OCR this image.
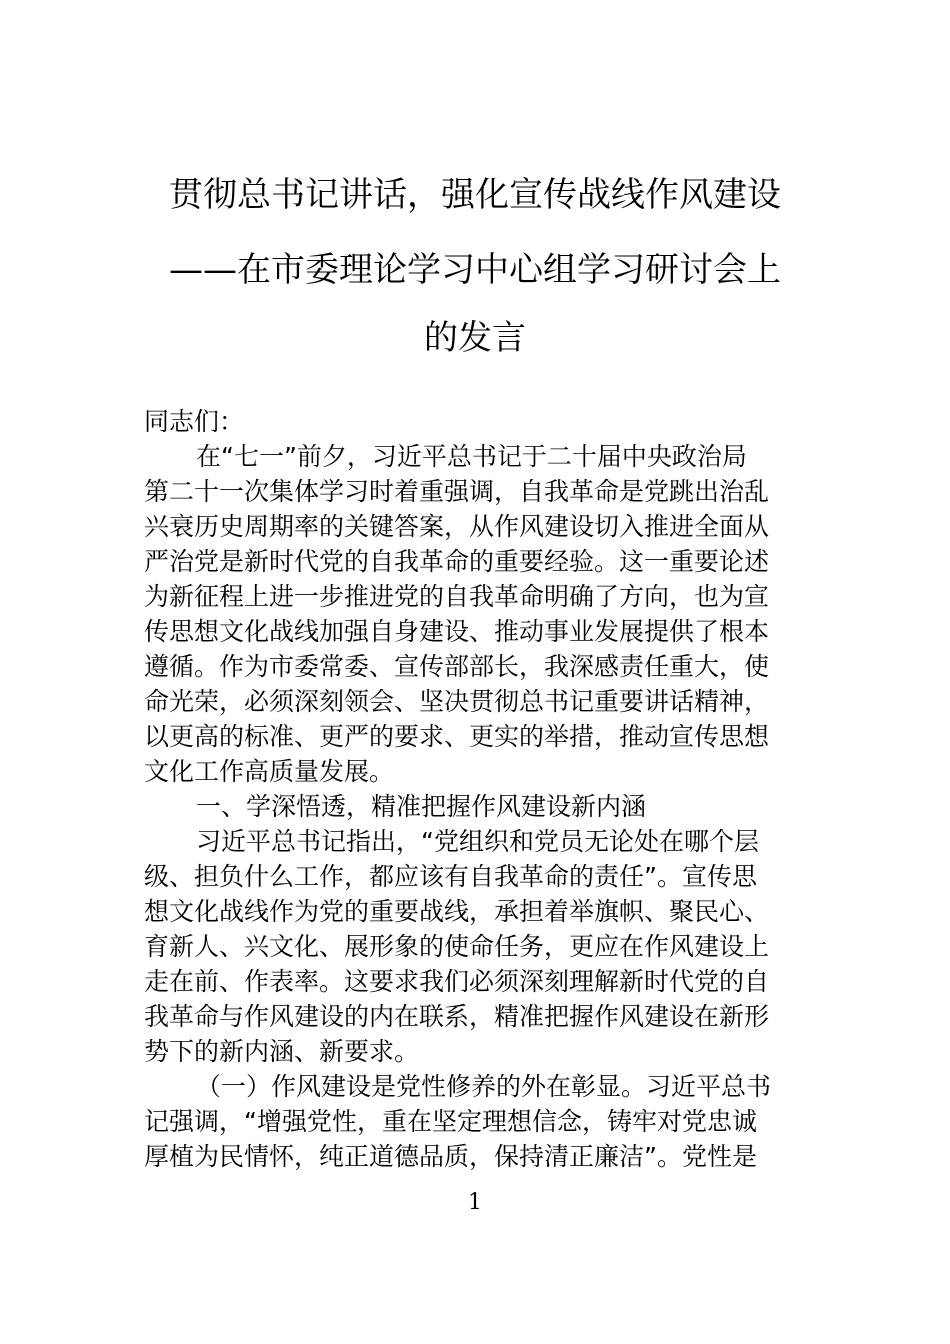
贯彻总书记讲话，强化宣传战线作风建设
——在市委理论学习中心组学习研讨会上
的发言
同志们：
在“七一”前夕，习近平总书记于二十届中央政治局
第二十一次集体学习时着重强调，自我革命是党跳出治乱
兴衰历史周期率的关键答案，从作风建设切入推进全面从
严治党是新时代党的自我革命的重要经验。这一重要论述
为新征程上进一步推进党的自我革命明确了方向，也为宣
传思想文化战线加强自身建设、推动事业发展提供了根本
遵循。作为市委常委、宣传部部长，我深感责任重大，使
命光荣，必须深刻领会、坚决贯彻总书记重要讲话精神，
以更高的标准、更严的要求、更实的举措，推动宣传思想
文化工作高质量发展。
一、学深悟透，精准把握作风建设新内涵
习近平总书记指出，“党组织和党员无论处在哪个层
级、担负什么工作，都应该有自我革命的责任”。宣传思
想文化战线作为党的重要战线，承担着举旗帜、聚民心、
育新人、兴文化、展形象的使命任务，更应在作风建设上
走在前、作表率。这要求我们必须深刻理解新时代党的自
我革命与作风建设的内在联系，精准把握作风建设在新形
势下的新内涵、新要求。
（一）作风建设是党性修养的外在彰显。习近平总书
记强调，“增强党性，重在坚定理想信念，铸牢对党忠诚
厚植为民情怀，纯正道德品质，保持清正廉洁”。党性是
1
